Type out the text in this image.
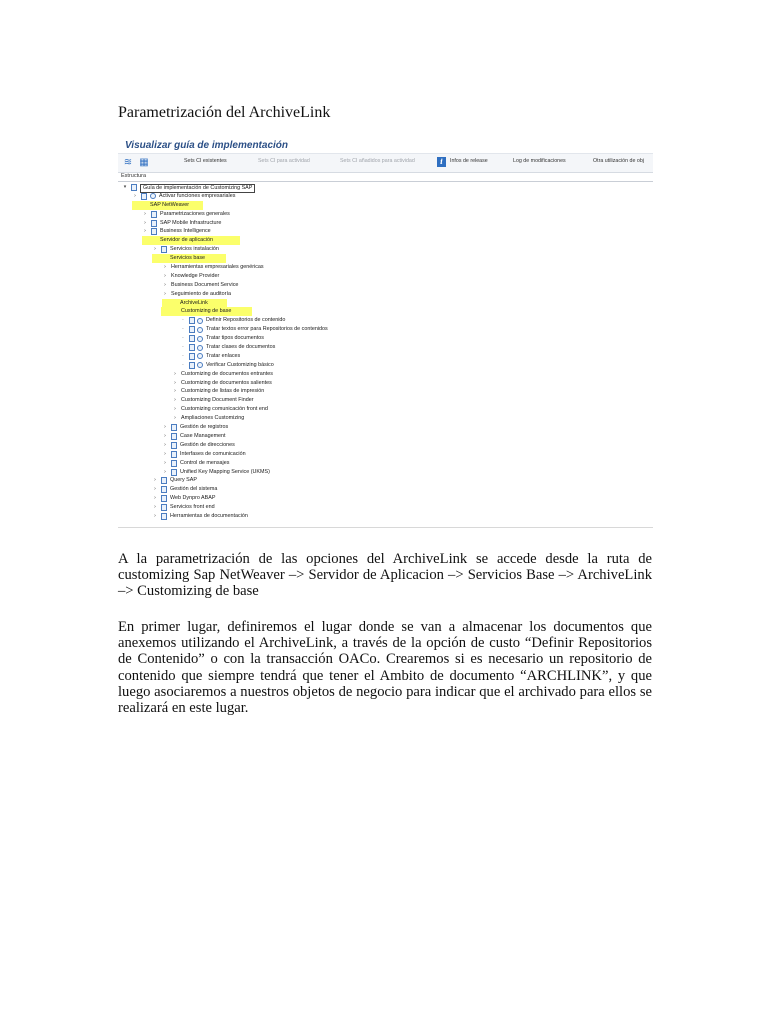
Parametrización del ArchiveLink
Visualizar guía de implementación
≋ ▦	Sets CI existentes	Sets CI para actividad	Sets CI añadidos para actividad	i	Infos de release	Log de modificaciones	Otra utilización de obj
Estructura
▾	Guía de implementación de Customizing SAP
›	Activar funciones empresariales
SAP NetWeaver
›	Parametrizaciones generales
›	SAP Mobile Infrastructure
›	Business Intelligence
Servidor de aplicación
›	Servicios instalación
Servicios base
› Herramientas empresariales genéricas
› Knowledge Provider
› Business Document Service
› Seguimiento de auditoría
ArchiveLink
Customizing de base
·	Definir Repositorios de contenido
·	Tratar textos error para Repositorios de contenidos
·	Tratar tipos documentos
·	Tratar clases de documentos
·	Tratar enlaces
·	Verificar Customizing básico
› Customizing de documentos entrantes
› Customizing de documentos salientes
› Customizing de listas de impresión
› Customizing Document Finder
› Customizing comunicación front end
› Ampliaciones Customizing
›	Gestión de registros
›	Case Management
›	Gestión de direcciones
›	Interfases de comunicación
›	Control de mensajes
›	Unified Key Mapping Service (UKMS)
›	Query SAP
›	Gestión del sistema
›	Web Dynpro ABAP
›	Servicios front end
›	Herramientas de documentación

A la parametrización de las opciones del ArchiveLink se accede desde la ruta de customizing Sap NetWeaver –> Servidor de Aplicacion –> Servicios Base –> ArchiveLink –> Customizing de base

En primer lugar, definiremos el lugar donde se van a almacenar los documentos que anexemos utilizando el ArchiveLink, a través de la opción de custo “Definir Repositorios de Contenido” o con la transacción OACo. Crearemos si es necesario un repositorio de contenido que siempre tendrá que tener el Ambito de documento “ARCHLINK”, y que luego asociaremos a nuestros objetos de negocio para indicar que el archivado para ellos se realizará en este lugar.
